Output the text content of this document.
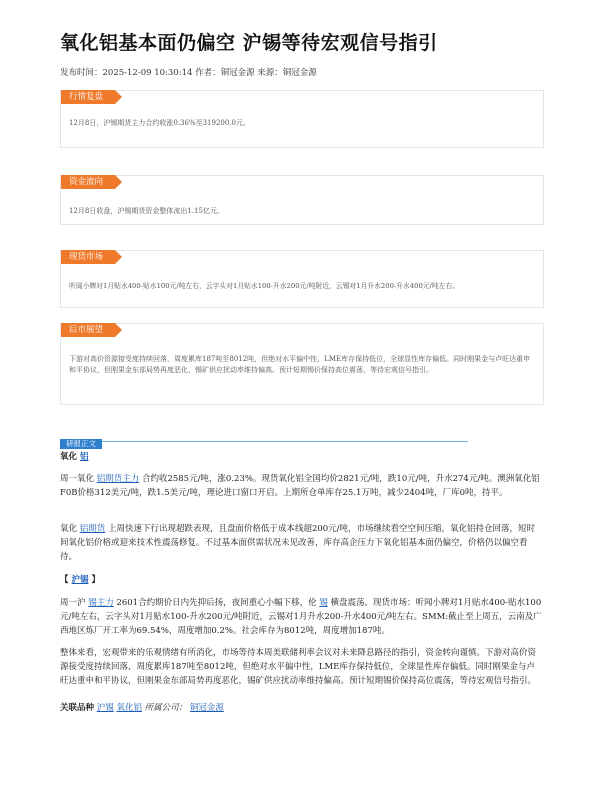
氧化铝基本面仍偏空 沪锡等待宏观信号指引
发布时间：2025-12-09 10:30:14 作者：铜冠金源 来源：铜冠金源
行情复盘
12月8日，沪锡期货主力合约收涨0.36%至319200.0元。
资金流向
12月8日收盘，沪锡期货资金整体流出1.15亿元。
现货市场
听闻小牌对1月贴水400-贴水100元/吨左右，云字头对1月贴水100-升水200元/吨附近，云锡对1月升水200-升水400元/吨左右。
后市展望
下游对高价资源接受度持续回落，周度累库187吨至8012吨，但绝对水平偏中性，LME库存保持低位，全球显性库存偏低。同时刚果金与卢旺达重申和平协议，但刚果金东部局势再度恶化，锡矿供应扰动率维持偏高。预计短期锡价保持高位震荡，等待宏观信号指引。
研报正文
氧化 铝
周一氧化 铝期货主力 合约收2585元/吨，涨0.23%。现货氧化铝全国均价2821元/吨，跌10元/吨，升水274元/吨。澳洲氧化铝F0B价格312美元/吨，跌1.5美元/吨，理论进口窗口开启。上期所仓单库存25.1万吨，减少2404吨，厂库0吨，持平。
氧化 铝期货 上周快速下行出现超跌表现，且盘面价格低于成本线超200元/吨，市场继续看空空间压缩，氧化铝持仓回落，短时间氧化铝价格或迎来技术性震荡修复。不过基本面供需状况未见改善，库存高企压力下氧化铝基本面仍偏空，价格仍以偏空看待。
【 沪锡 】
周一沪 锡主力 2601合约期价日内先抑后扬，夜间重心小幅下移，伦 锡 横盘震荡。现货市场：听闻小牌对1月贴水400-贴水100元/吨左右，云字头对1月贴水100-升水200元/吨附近，云锡对1月升水200-升水400元/吨左右。SMM:截止至上周五，云南及广西地区炼厂开工率为69.54%，周度增加0.2%。社会库存为8012吨，周度增加187吨。
整体来看，宏观带来的乐观情绪有所消化，市场等待本周美联储利率会议对未来降息路径的指引，资金转向谨慎。下游对高价资源接受度持续回落，周度累库187吨至8012吨，但绝对水平偏中性，LME库存保持低位，全球显性库存偏低。同时刚果金与卢旺达重申和平协议，但刚果金东部局势再度恶化，锡矿供应扰动率维持偏高。预计短期锡价保持高位震荡，等待宏观信号指引。
关联品种 沪锡 氧化铝 所属公司： 铜冠金源
